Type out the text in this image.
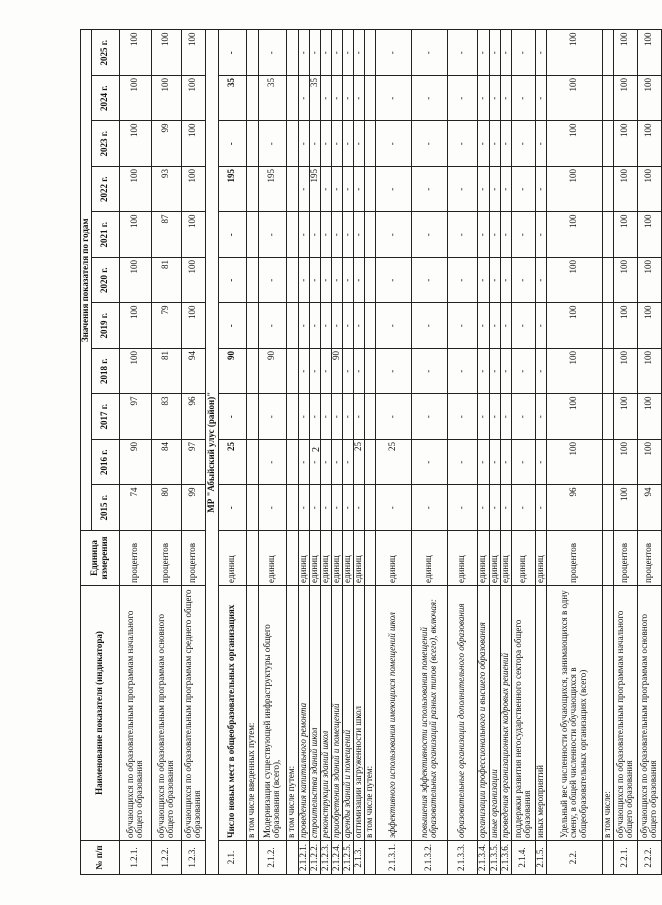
2
№ п/п	Наименование показателя (индикатора)	Единица измерения	Значения показателя по годам										
			2015 г.	2016 г.	2017 г.	2018 г.	2019 г.	2020 г.	2021 г.	2022 г.	2023 г.	2024 г.	2025 г.
1.2.1.	обучающихся по образовательным программам начального общего образования	процентов	74	90	97	100	100	100	100	100	100	100	100
1.2.2.	обучающихся по образовательным программам основного общего образования	процентов	80	84	83	81	79	81	87	93	99	100	100
1.2.3.	обучающихся по образовательным программам среднего общего образования	процентов	99	97	96	94	100	100	100	100	100	100	100
МР "Абыйский улус (район)"													
2.1.	Число новых мест в общеобразовательных организациях	единиц	-	25	-	90	-	-	-	195	-	35	-
	в том числе введенных путем:												
2.1.2.	Модернизации существующей инфраструктуры общего образования (всего),	единиц	-	-	-	90	-	-	-	195	-	35	-
	в том числе путем:												
2.1.2.1.	проведения капитального ремонта	единиц	-	-	-	-	-	-	-	-	-	-	-
2.1.2.2.	строительства зданий школ	единиц	-	-	-	-	-	-	-	195	-	35	-
2.1.2.3.	реконструкции зданий школ	единиц	-	-	-	-	-	-	-	-	-	-	-
2.1.2.4.	приобретения зданий и помещений	единиц	-	-	-	90	-	-	-	-	-	-	-
2.1.2.5.	аренды зданий и помещений	единиц	-	-	-	-	-	-	-	-	-	-	-
2.1.3.	оптимизации загруженности школ	единиц	-	25	-	-	-	-	-	-	-	-	-
	в том числе путем:												
2.1.3.1.	эффективного использования имеющихся помещений школ	единиц	-	25	-	-	-	-	-	-	-	-	-
2.1.3.2.	повышения эффективности использования помещений образовательных организаций разных типов (всего), включая:	единиц	-	-	-	-	-	-	-	-	-	-	-
2.1.3.3.	образовательные организации дополнительного образования	единиц	-	-	-	-	-	-	-	-	-	-	-
2.1.3.4.	организации профессионального и высшего образования	единиц	-	-	-	-	-	-	-	-	-	-	-
2.1.3.5.	иные организации	единиц	-	-	-	-	-	-	-	-	-	-	-
2.1.3.6.	проведения организационных кадровых решений	единиц	-	-	-	-	-	-	-	-	-	-	-
2.1.4.	поддержки развития негосударственного сектора общего образования	единиц	-	-	-	-	-	-	-	-	-	-	-
2.1.5.	иных мероприятий	единиц	-	-	-	-	-	-	-	-	-	-	-
2.2.	Удельный вес численности обучающихся, занимающихся в одну смену, в общей численности обучающихся в общеобразовательных организациях (всего)	процентов	96	100	100	100	100	100	100	100	100	100	100
	в том числе:												
2.2.1.	обучающихся по образовательным программам начального общего образования	процентов	100	100	100	100	100	100	100	100	100	100	100
2.2.2.	обучающихся по образовательным программам основного общего образования	процентов	94	100	100	100	100	100	100	100	100	100	100
